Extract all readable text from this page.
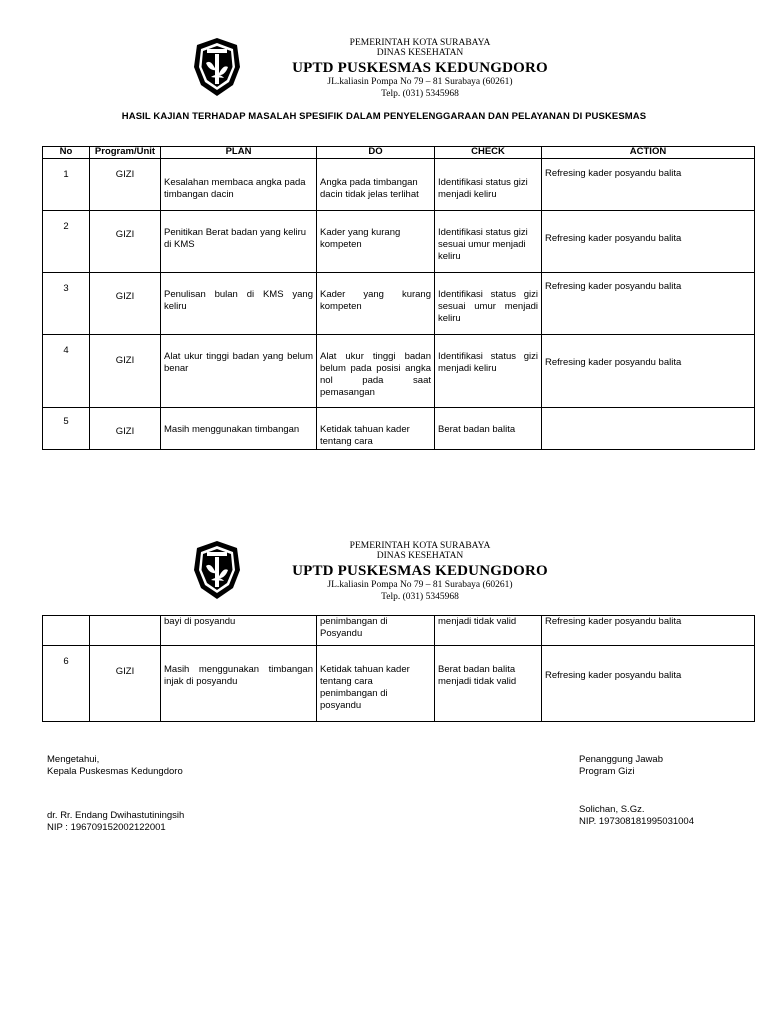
PEMERINTAH KOTA SURABAYA
DINAS KESEHATAN
UPTD PUSKESMAS KEDUNGDORO
JL.kaliasin Pompa No 79 – 81 Surabaya (60261)
Telp. (031) 5345968
HASIL KAJIAN TERHADAP MASALAH SPESIFIK DALAM PENYELENGGARAAN DAN PELAYANAN DI PUSKESMAS
No	Program/Unit	PLAN	DO	CHECK	ACTION
1	GIZI	Kesalahan membaca angka pada timbangan dacin	Angka pada timbangan dacin tidak jelas terlihat	Identifikasi status gizi menjadi keliru	Refresing kader posyandu balita
2	GIZI	Penitikan Berat badan yang keliru di KMS	Kader yang kurang kompeten	Identifikasi status gizi sesuai umur menjadi keliru	Refresing kader posyandu balita
3	GIZI	Penulisan bulan di KMS yang keliru	Kader yang kurang kompeten	Identifikasi status gizi sesuai umur menjadi keliru	Refresing kader posyandu balita
4	GIZI	Alat ukur tinggi badan yang belum benar	Alat ukur tinggi badan belum pada posisi angka nol pada saat pemasangan	Identifikasi status gizi menjadi keliru	Refresing kader posyandu balita
5	GIZI	Masih menggunakan timbangan	Ketidak tahuan kader tentang cara	Berat badan balita	
PEMERINTAH KOTA SURABAYA
DINAS KESEHATAN
UPTD PUSKESMAS KEDUNGDORO
JL.kaliasin Pompa No 79 – 81 Surabaya (60261)
Telp. (031) 5345968
		bayi di posyandu	penimbangan di Posyandu	menjadi tidak valid	Refresing kader posyandu balita
6	GIZI	Masih menggunakan timbangan injak di posyandu	Ketidak tahuan kader tentang cara penimbangan di posyandu	Berat badan balita menjadi tidak valid	Refresing kader posyandu balita
Mengetahui,
Kepala Puskesmas Kedungdoro
dr. Rr. Endang Dwihastutiningsih
NIP : 196709152002122001
Penanggung Jawab
Program Gizi
Solichan, S.Gz.
NIP. 197308181995031004
